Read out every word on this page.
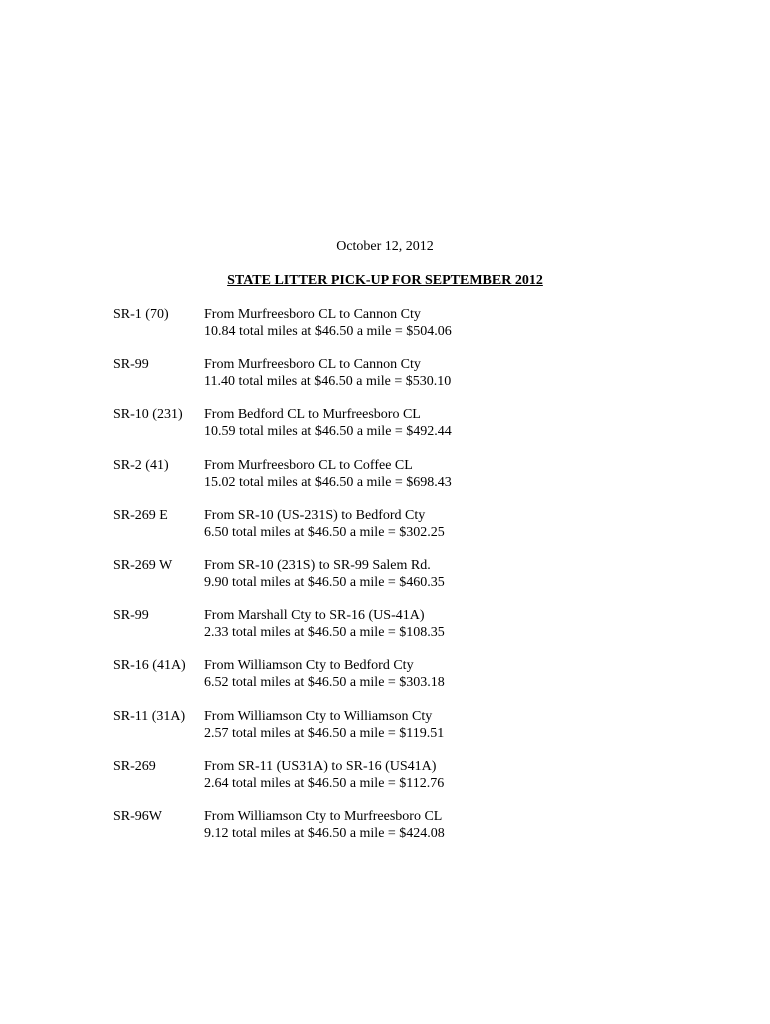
October 12, 2012
STATE LITTER PICK-UP FOR SEPTEMBER 2012
SR-1 (70)	From Murfreesboro CL to Cannon Cty
10.84 total miles at $46.50 a mile = $504.06
SR-99	From Murfreesboro CL to Cannon Cty
11.40 total miles at $46.50 a mile = $530.10
SR-10 (231)	From Bedford CL to Murfreesboro CL
10.59 total miles at $46.50 a mile = $492.44
SR-2 (41)	From Murfreesboro CL to Coffee CL
15.02 total miles at $46.50 a mile = $698.43
SR-269 E	From SR-10 (US-231S) to Bedford Cty
6.50 total miles at $46.50 a mile = $302.25
SR-269 W	From SR-10 (231S) to SR-99 Salem Rd.
9.90 total miles at $46.50 a mile = $460.35
SR-99	From Marshall Cty to SR-16 (US-41A)
2.33 total miles at $46.50 a mile = $108.35
SR-16 (41A)	From Williamson Cty to Bedford Cty
6.52 total miles at $46.50 a mile = $303.18
SR-11 (31A)	From Williamson Cty to Williamson Cty
2.57 total miles at $46.50 a mile = $119.51
SR-269	From SR-11 (US31A) to SR-16 (US41A)
2.64 total miles at $46.50 a mile = $112.76
SR-96W	From Williamson Cty to Murfreesboro CL
9.12 total miles at $46.50 a mile = $424.08
